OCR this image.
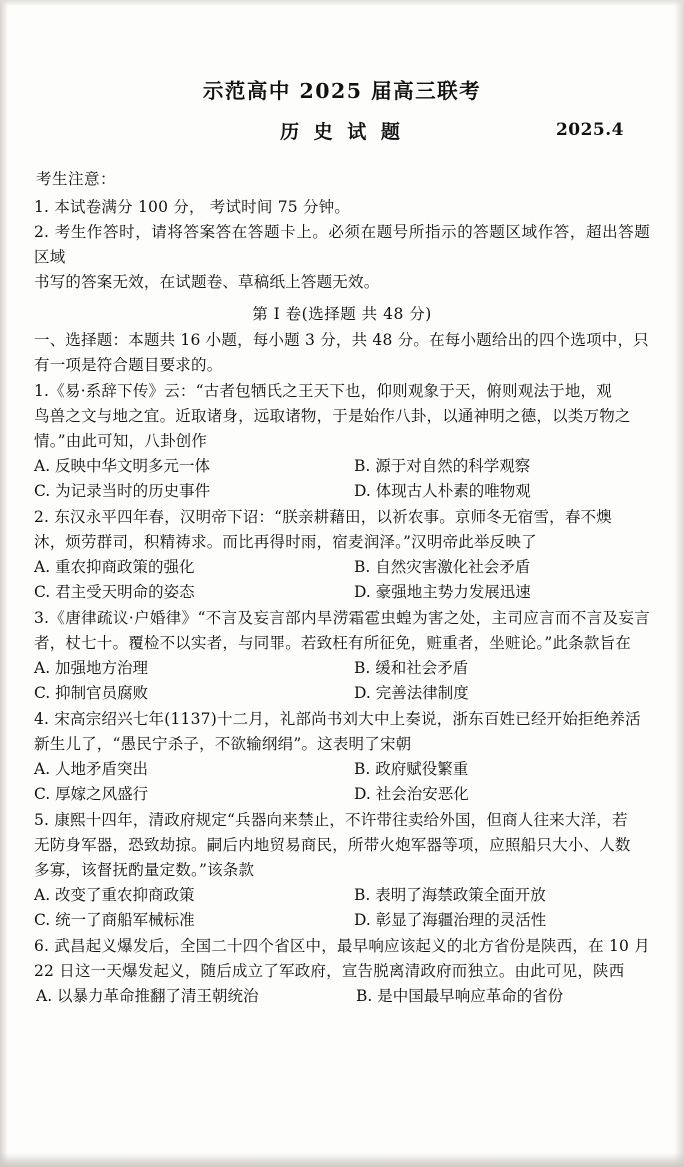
示范高中 2025 届高三联考
历 史 试 题	2025.4
考生注意：

1. 本试卷满分 100 分， 考试时间 75 分钟。

2. 考生作答时，请将答案答在答题卡上。必须在题号所指示的答题区域作答，超出答题区域

书写的答案无效，在试题卷、草稿纸上答题无效。

第 I 卷(选择题 共 48 分)

一、选择题：本题共 16 小题，每小题 3 分，共 48 分。在每小题给出的四个选项中，只

有一项是符合题目要求的。

1.《易·系辞下传》云：“古者包牺氏之王天下也，仰则观象于天，俯则观法于地，观

鸟兽之文与地之宜。近取诸身，远取诸物，于是始作八卦，以通神明之德，以类万物之

情。”由此可知，八卦创作

A. 反映中华文明多元一体	B. 源于对自然的科学观察
C. 为记录当时的历史事件	D. 体现古人朴素的唯物观

2. 东汉永平四年春，汉明帝下诏：“朕亲耕藉田，以祈农事。京师冬无宿雪，春不燠

沐，烦劳群司，积精祷求。而比再得时雨，宿麦润泽。”汉明帝此举反映了

A. 重农抑商政策的强化	B. 自然灾害激化社会矛盾
C. 君主受天明命的姿态	D. 豪强地主势力发展迅速

3.《唐律疏议·户婚律》“不言及妄言部内旱涝霜雹虫蝗为害之处，主司应言而不言及妄言者，杖七十。覆检不以实者，与同罪。若致枉有所征免，赃重者，坐赃论。”此条款旨在

A. 加强地方治理	B. 缓和社会矛盾
C. 抑制官员腐败	D. 完善法律制度

4. 宋高宗绍兴七年(1137)十二月，礼部尚书刘大中上奏说，浙东百姓已经开始拒绝养活

新生儿了，“愚民宁杀子，不欲输纲绢”。这表明了宋朝

A. 人地矛盾突出	B. 政府赋役繁重
C. 厚嫁之风盛行	D. 社会治安恶化

5. 康熙十四年，清政府规定“兵器向来禁止，不许带往卖给外国，但商人往来大洋，若

无防身军器，恐致劫掠。嗣后内地贸易商民，所带火炮军器等项，应照船只大小、人数

多寡，该督抚酌量定数。”该条款

A. 改变了重农抑商政策	B. 表明了海禁政策全面开放
C. 统一了商船军械标准	D. 彰显了海疆治理的灵活性

6. 武昌起义爆发后，全国二十四个省区中，最早响应该起义的北方省份是陕西，在 10 月

22 日这一天爆发起义，随后成立了军政府，宣告脱离清政府而独立。由此可见，陕西

A. 以暴力革命推翻了清王朝统治	B. 是中国最早响应革命的省份
